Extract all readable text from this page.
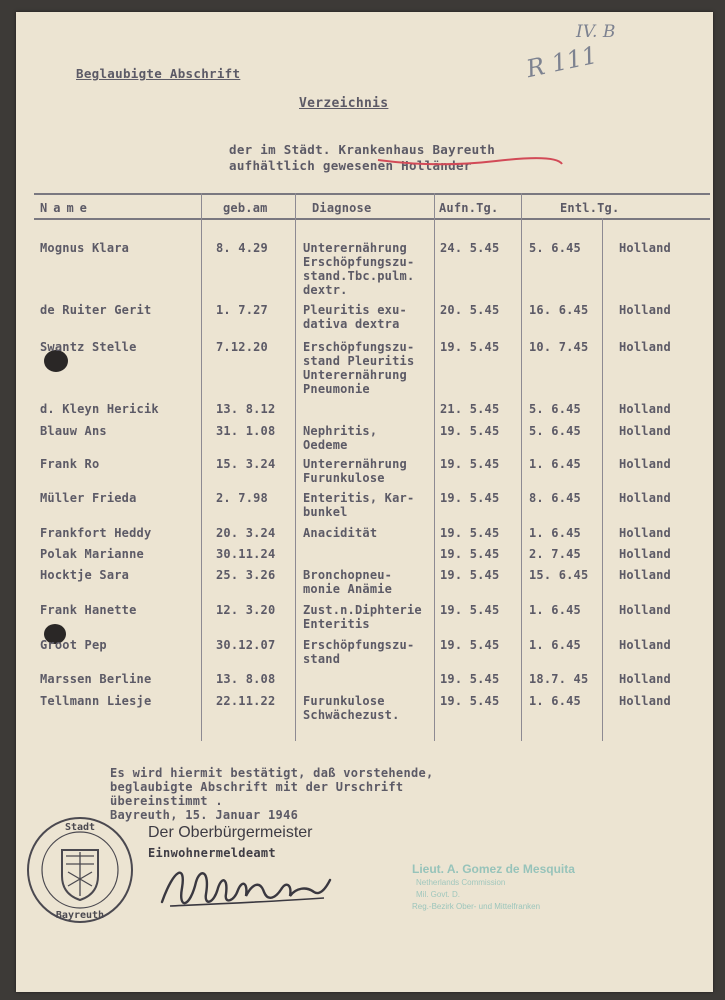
IV. B
R 111
Beglaubigte Abschrift
Verzeichnis
der im Städt. Krankenhaus Bayreuth
aufhältlich gewesenen Holländer
Name	geb.am	Diagnose	Aufn.Tg.	Entl.Tg.
Mognus Klara	8. 4.29	Unterernährung
Erschöpfungszu-
stand.Tbc.pulm.
dextr.
24. 5.45 5. 6.45	Holland
de Ruiter Gerit	1. 7.27	Pleuritis exu-
dativa dextra
20. 5.45 16. 6.45	Holland
Swantz Stelle	7.12.20	Erschöpfungszu-
stand Pleuritis
Unterernährung
Pneumonie
19. 5.45 10. 7.45	Holland
d. Kleyn Hericik	13. 8.12	21. 5.45 5. 6.45	Holland
Blauw Ans	31. 1.08 Nephritis,
Oedeme
19. 5.45 5. 6.45	Holland
Frank Ro	15. 3.24 Unterernährung
Furunkulose
19. 5.45 1. 6.45	Holland
Müller Frieda	2. 7.98	Enteritis, Kar-
bunkel
19. 5.45 8. 6.45	Holland
Frankfort Heddy	20. 3.24 Anacidität	19. 5.45 1. 6.45	Holland
Polak Marianne	30.11.24	19. 5.45 2. 7.45	Holland
Hocktje Sara	25. 3.26 Bronchopneu-
monie Anämie
19. 5.45 15. 6.45	Holland
Frank Hanette	12. 3.20 Zust.n.Diphterie
Enteritis
19. 5.45 1. 6.45	Holland
Groot Pep	30.12.07 Erschöpfungszu-
stand
19. 5.45 1. 6.45	Holland
Marssen Berline	13. 8.08	19. 5.45 18.7. 45	Holland
Tellmann Liesje	22.11.22 Furunkulose
Schwächezust.
19. 5.45 1. 6.45	Holland
Es wird hiermit bestätigt, daß vorstehende,
beglaubigte Abschrift mit der Urschrift
übereinstimmt .
Bayreuth, 15. Januar 1946
Der Oberbürgermeister
Einwohnermeldeamt
Stadt
Bayreuth
Lieut. A. Gomez de Mesquita
Netherlands Commission
Mil. Govt. D.
Reg.-Bezirk Ober- und Mittelfranken
